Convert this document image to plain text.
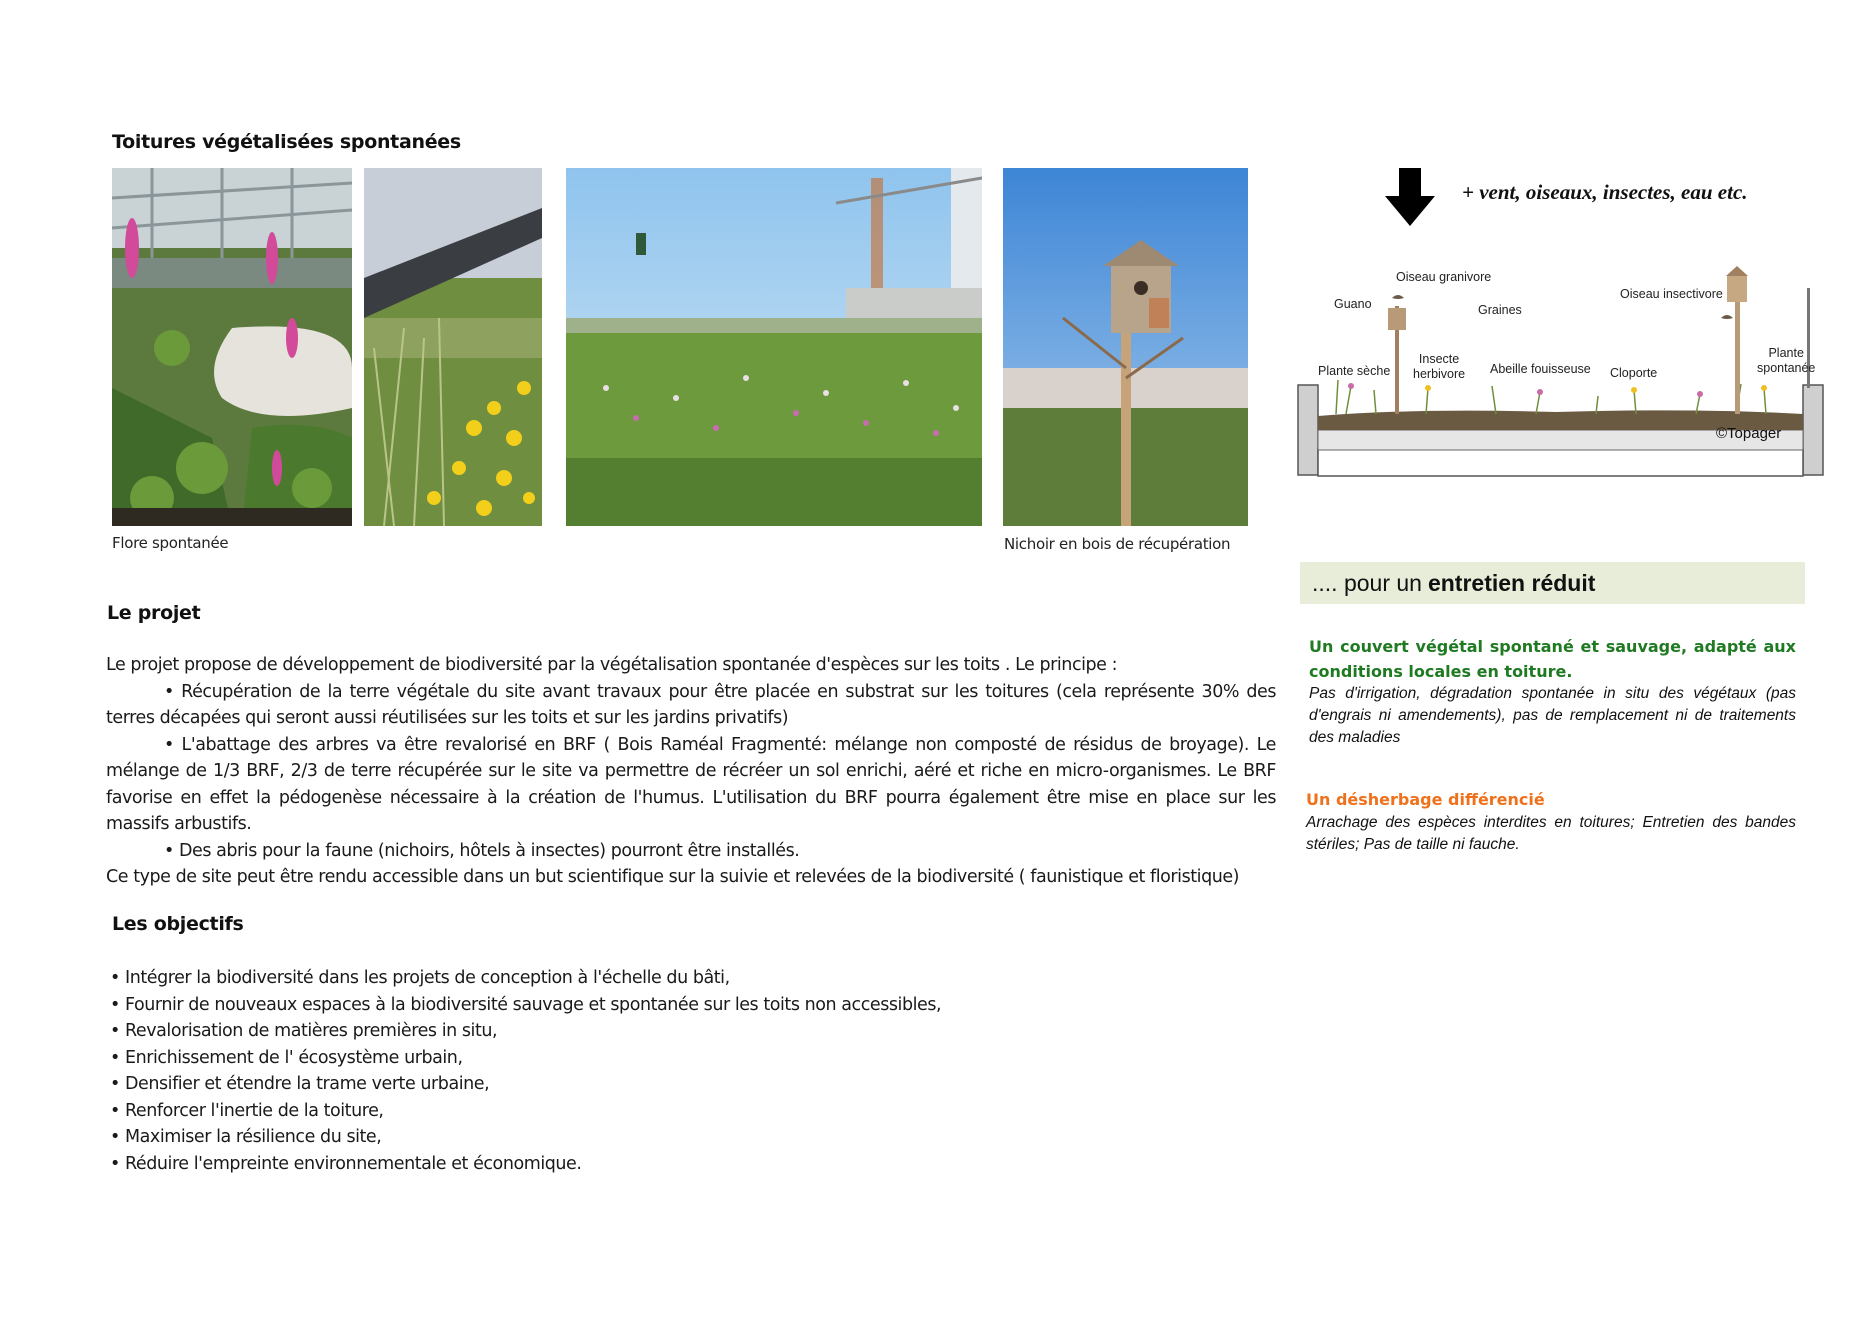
Toitures végétalisées spontanées
Flore spontanée	Nichoir en bois de récupération
Le projet

Le projet propose de développement de biodiversité par la végétalisation spontanée d'espèces sur les toits . Le principe :

• Récupération de la terre végétale du site avant travaux pour être placée en substrat sur les toitures (cela représente 30% des terres décapées qui seront aussi réutilisées sur les toits et sur les jardins privatifs)

• L'abattage des arbres va être revalorisé en BRF ( Bois Raméal Fragmenté: mélange non composté de résidus de broyage). Le mélange de 1/3 BRF, 2/3 de terre récupérée sur le site va permettre de récréer un sol enrichi, aéré et riche en micro-organismes. Le BRF favorise en effet la pédogenèse nécessaire à la création de l'humus. L'utilisation du BRF pourra également être mise en place sur les massifs arbustifs.

• Des abris pour la faune (nichoirs, hôtels à insectes) pourront être installés.

Ce type de site peut être rendu accessible dans un but scientifique sur la suivie et relevées de la biodiversité ( faunistique et floristique)

Les objectifs
• Intégrer la biodiversité dans les projets de conception à l'échelle du bâti,
• Fournir de nouveaux espaces à la biodiversité sauvage et spontanée sur les toits non accessibles,
• Revalorisation de matières premières in situ,
• Enrichissement de l' écosystème urbain,
• Densifier et étendre la trame verte urbaine,
• Renforcer l'inertie de la toiture,
• Maximiser la résilience du site,
• Réduire l'empreinte environnementale et économique.
+ vent, oiseaux, insectes, eau etc.
Oiseau granivore
Guano	Graines
Oiseau insectivore
Plante sèche
Insecte
herbivore Abeille fouisseuse Cloporte
Plante
spontanée
©Topager
.... pour un entretien réduit
Un couvert végétal spontané et sauvage, adapté aux conditions locales en toiture.
Pas d'irrigation, dégradation spontanée in situ des végétaux (pas d'engrais ni amendements), pas de remplacement ni de traitements des maladies
Un désherbage différencié
Arrachage des espèces interdites en toitures; Entretien des bandes stériles; Pas de taille ni fauche.
